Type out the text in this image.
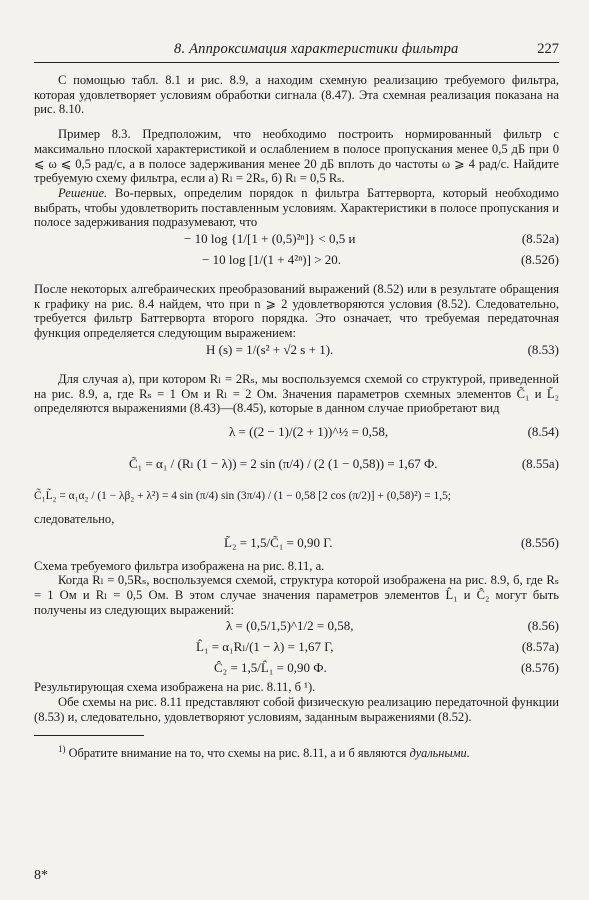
8. Аппроксимация характеристики фильтра	227

С помощью табл. 8.1 и рис. 8.9, a находим схемную реализацию требуемого фильтра, которая удовлетворяет условиям обработки сигнала (8.47). Эта схемная реализация показана на рис. 8.10.

Пример 8.3. Предположим, что необходимо построить нормированный фильтр с максимально плоской характеристикой и ослаблением в полосе пропускания менее 0,5 дБ при 0 ⩽ ω ⩽ 0,5 рад/с, а в полосе задерживания менее 20 дБ вплоть до частоты ω ⩾ 4 рад/с. Найдите требуемую схему фильтра, если а) Rₗ = 2Rₛ, б) Rₗ = 0,5 Rₛ.

Решение. Во-первых, определим порядок n фильтра Баттерворта, который необходимо выбрать, чтобы удовлетворить поставленным условиям. Характеристики в полосе пропускания и полосе задерживания подразумевают, что

− 10 log {1/[1 + (0,5)²ⁿ]} < 0,5 и	(8.52а)
− 10 log [1/(1 + 4²ⁿ)] > 20.	(8.52б)

После некоторых алгебраических преобразований выражений (8.52) или в результате обращения к графику на рис. 8.4 найдем, что при n ⩾ 2 удовлетворяются условия (8.52). Следовательно, требуется фильтр Баттерворта второго порядка. Это означает, что требуемая передаточная функция определяется следующим выражением:

H (s) = 1/(s² + √2 s + 1).	(8.53)

Для случая а), при котором Rₗ = 2Rₛ, мы воспользуемся схемой со структурой, приведенной на рис. 8.9, a, где Rₛ = 1 Ом и Rₗ = 2 Ом. Значения параметров схемных элементов C̃₁ и L̃₂ определяются выражениями (8.43)—(8.45), которые в данном случае приобретают вид

λ = ((2 − 1)/(2 + 1))^½ = 0,58,	(8.54)
C̃₁ = α₁ / (Rₗ (1 − λ)) = 2 sin (π/4) / (2 (1 − 0,58)) = 1,67 Ф.	(8.55а)
C̃₁L̃₂ = α₁α₂ / (1 − λβ₂ + λ²) = 4 sin (π/4) sin (3π/4) / (1 − 0,58 [2 cos (π/2)] + (0,58)²) = 1,5;

следовательно,

L̃₂ = 1,5/C̃₁ = 0,90 Г.	(8.55б)

Схема требуемого фильтра изображена на рис. 8.11, a.

Когда Rₗ = 0,5Rₛ, воспользуемся схемой, структура которой изображена на рис. 8.9, б, где Rₛ = 1 Ом и Rₗ = 0,5 Ом. В этом случае значения параметров элементов L̂₁ и Ĉ₂ могут быть получены из следующих выражений:

λ = (0,5/1,5)^1/2 = 0,58,	(8.56)
L̂₁ = α₁Rₗ/(1 − λ) = 1,67 Г,	(8.57а)
Ĉ₂ = 1,5/L̂₁ = 0,90 Ф.	(8.57б)

Результирующая схема изображена на рис. 8.11, б ¹).

Обе схемы на рис. 8.11 представляют собой физическую реализацию передаточной функции (8.53) и, следовательно, удовлетворяют условиям, заданным выражениями (8.52).

$^{1)}$ Обратите внимание на то, что схемы на рис. 8.11, a и б являются дуальными.

8*
